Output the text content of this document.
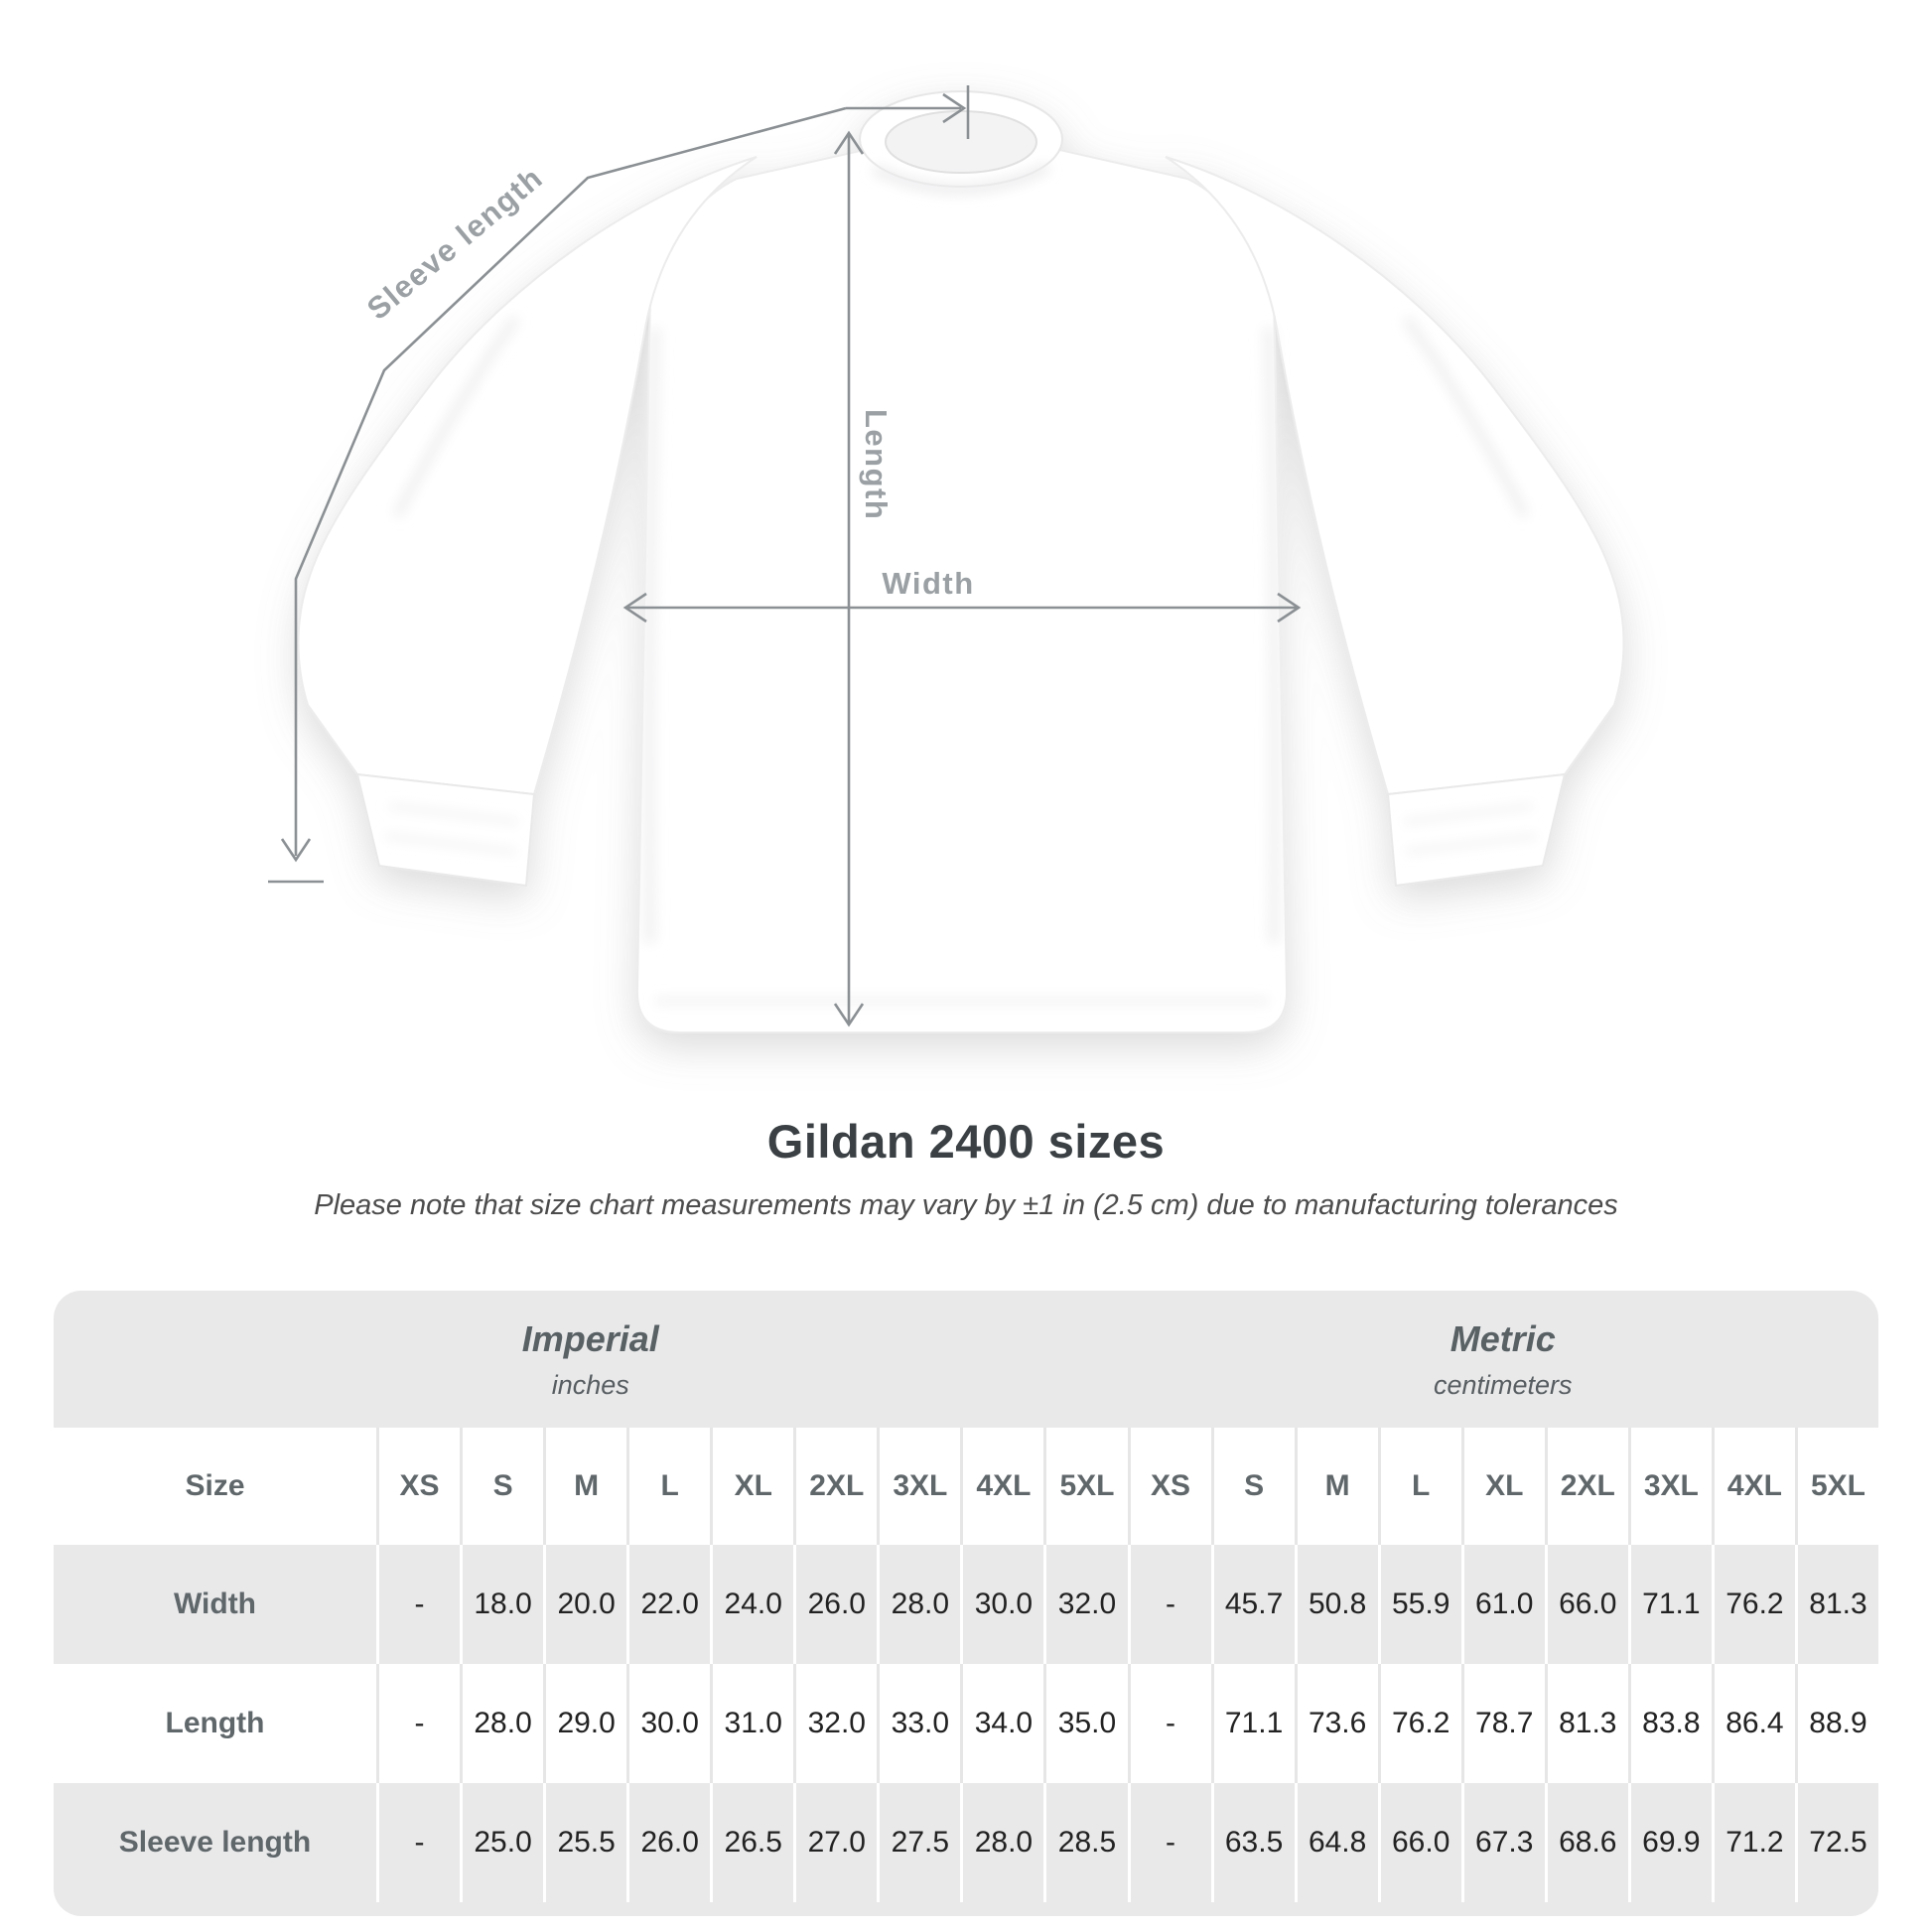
Sleeve length
Length
Width
Gildan 2400 sizes
Please note that size chart measurements may vary by ±1 in (2.5 cm) due to manufacturing tolerances
Imperial
inches
Metric
centimeters
Size	XS	S	M	L	XL	2XL 3XL 4XL 5XL	XS	S	M	L	XL	2XL 3XL 4XL 5XL
Width	-	18.0 20.0 22.0 24.0 26.0 28.0 30.0 32.0	-	45.7 50.8 55.9 61.0 66.0 71.1 76.2 81.3
Length	-	28.0 29.0 30.0 31.0 32.0 33.0 34.0 35.0	-	71.1 73.6 76.2 78.7 81.3 83.8 86.4 88.9
Sleeve length	-	25.0 25.5 26.0 26.5 27.0 27.5 28.0 28.5	-	63.5 64.8 66.0 67.3 68.6 69.9 71.2 72.5
